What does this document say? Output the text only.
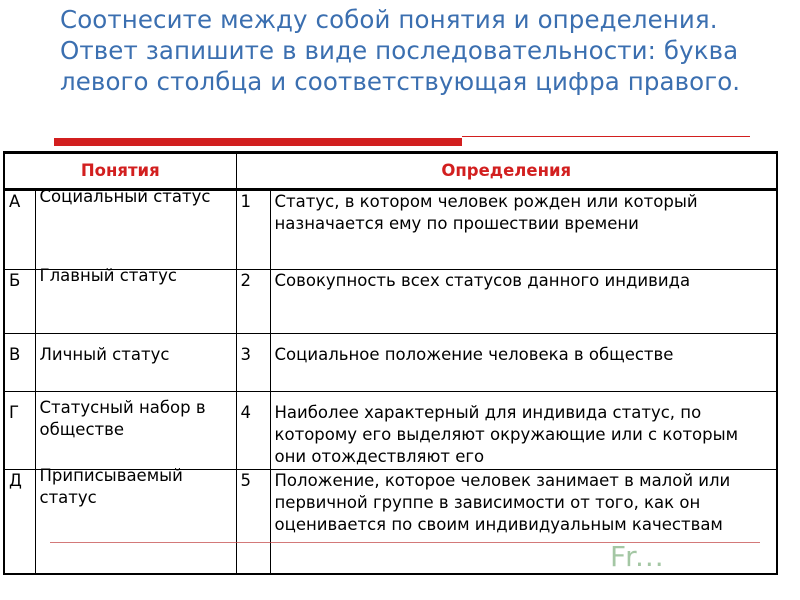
Соотнесите между собой понятия и определения. Ответ запишите в виде последовательности: буква левого столбца и соответствующая цифра правого.
Понятия		Определения	
А	Социальный статус	1	Статус, в котором человек рожден или который назначается ему по прошествии времени
Б	Главный статус	2	Совокупность всех статусов данного индивида
В	Личный статус	3	Социальное положение человека в обществе
Г	Статусный набор в обществе	4	Наиболее характерный для индивида статус, по которому его выделяют окружающие или с которым они отождествляют его
Д	Приписываемый статус	5	Положение, которое человек занимает в малой или первичной группе в зависимости от того, как он оценивается по своим индивидуальным качествам
Fr...
